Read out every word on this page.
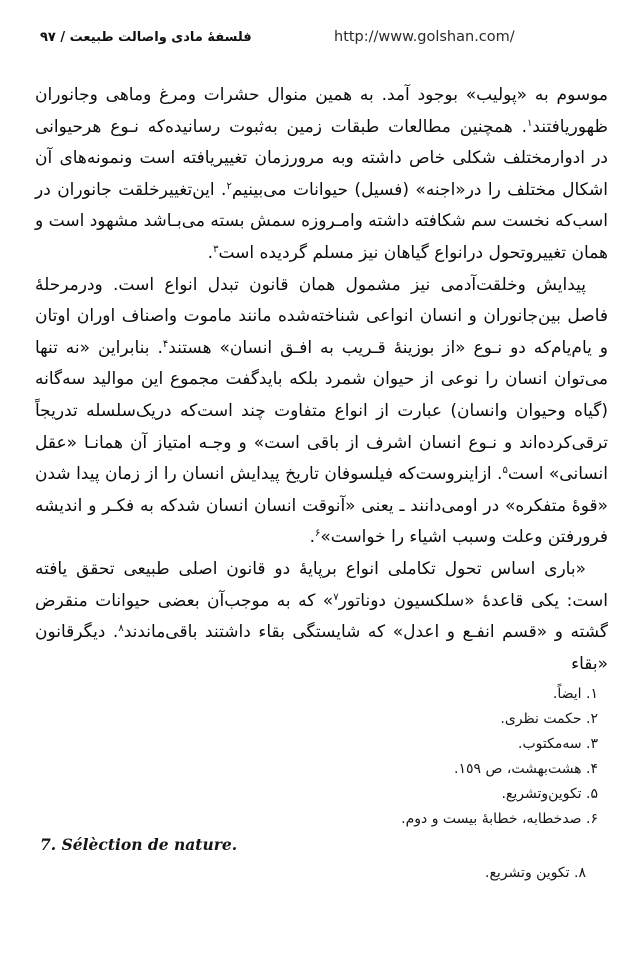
فلسفۀ مادی واصالت طبیعت / ۹۷	http://www.golshan.com/
موسوم به «پولیب» بوجود آمد. به همین منوال حشرات ومرغ وماهی وجانوران
ظهوریافتند$^۱$. همچنین مطالعات طبقات زمین به‌ثبوت رسانیده‌که نـوع هرحیوانی
در ادوارمختلف شکلی خاص داشته وبه مرورزمان تغییریافته است ونمونه‌های آن
اشکال مختلف را در«اجنه» (فسیل) حیوانات می‌بینیم$^۲$. این‌تغییرخلقت جانوران در
اسب‌که نخست سم شکافته داشته وامـروزه سمش بسته می‌بـاشد مشهود است و
همان تغییروتحول درانواع گیاهان نیز مسلم گردیده است$^۳$.
پیدایش وخلقت‌آدمی نیز مشمول همان قانون تبدل انواع است. ودرمرحلۀ
فاصل بین‌جانوران و انسان انواعی شناخته‌شده مانند ماموت واصناف اوران اوتان
و یام‌یام‌که دو نـوع «از بوزینۀ قـریب به افـق انسان» هستند$^۴$. بنابراین «نه تنها
می‌توان انسان را نوعی از حیوان شمرد بلکه بایدگفت مجموع این موالید سه‌گانه
(گیاه وحیوان وانسان) عبارت از انواع متفاوت چند است‌که دریک‌سلسله تدریجاً
ترقی‌کرده‌اند و نـوع انسان اشرف از باقی است» و وجـه امتیاز آن همانـا «عقل
انسانی» است$^۵$. ازاینروست‌که فیلسوفان تاریخ پیدایش انسان را از زمان پیدا شدن
«قوۀ متفکره» در اومی‌دانند ـ یعنی «آنوقت انسان انسان شدکه به فکـر و اندیشه
فرورفتن وعلت وسبب اشیاء را خواست»$^۶$.
«باری اساس تحول تکاملی انواع برپایۀ دو قانون اصلی طبیعی تحقق یافته
است: یکی قاعدۀ «سلکسیون دوناتور$^۷$» که به موجب‌آن بعضی حیوانات منقرض
گشته و «قسم انفـع و اعدل» که شایستگی بقاء داشتند باقی‌ماندند$^۸$. دیگرقانون «بقاء
۱. ایضاً.
۲. حکمت نظری.
۳. سه‌مکتوب.
۴. هشت‌بهشت، ص ١٥٩.
۵. تکوین‌وتشریع.
۶. صدخطابه، خطابۀ بیست و دوم.
7. Sélèction de nature.
۸. تکوین وتشریع.
